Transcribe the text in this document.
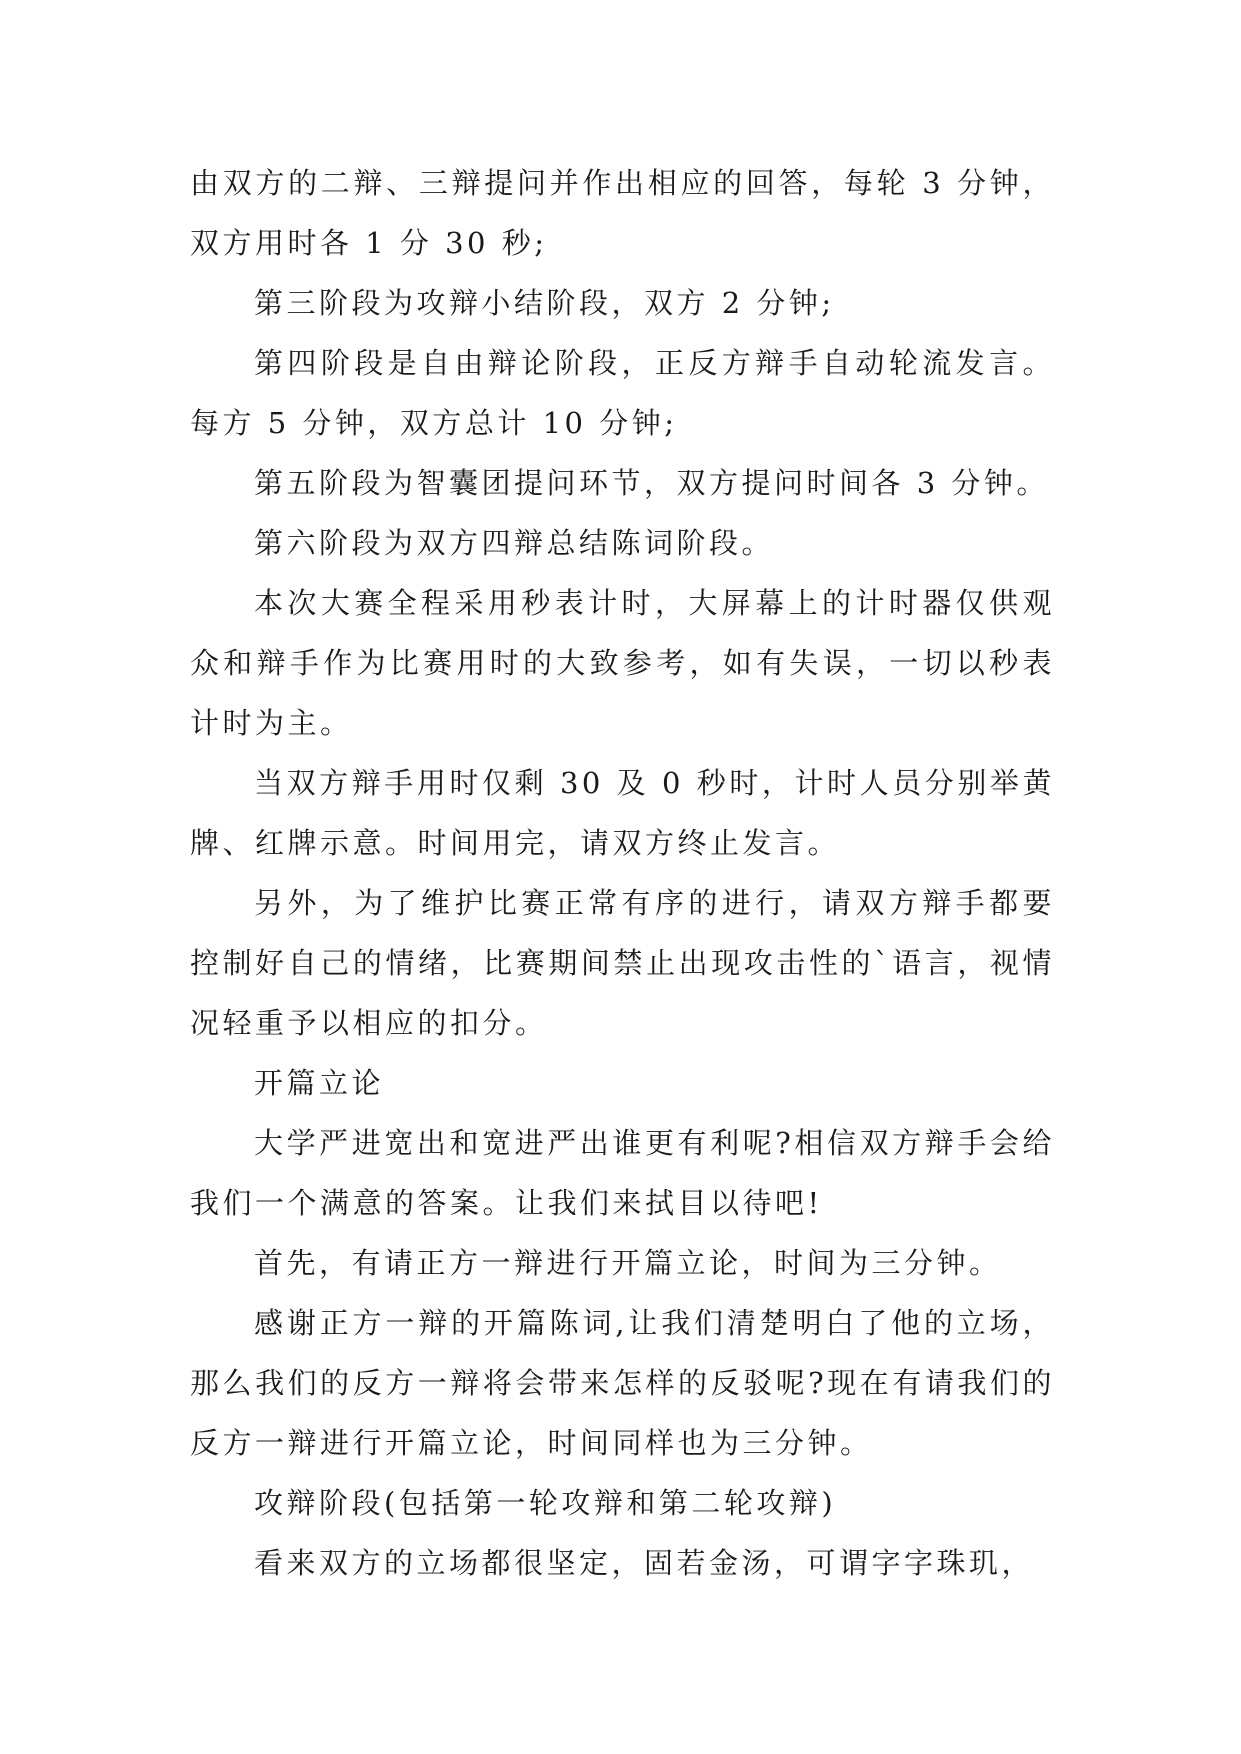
由双方的二辩、三辩提问并作出相应的回答，每轮 3 分钟，双方用时各 1 分 30 秒;

第三阶段为攻辩小结阶段，双方 2 分钟;

第四阶段是自由辩论阶段，正反方辩手自动轮流发言。每方 5 分钟，双方总计 10 分钟;

第五阶段为智囊团提问环节，双方提问时间各 3 分钟。

第六阶段为双方四辩总结陈词阶段。

本次大赛全程采用秒表计时，大屏幕上的计时器仅供观众和辩手作为比赛用时的大致参考，如有失误，一切以秒表计时为主。

当双方辩手用时仅剩 30 及 0 秒时，计时人员分别举黄牌、红牌示意。时间用完，请双方终止发言。

另外，为了维护比赛正常有序的进行，请双方辩手都要控制好自己的情绪，比赛期间禁止出现攻击性的`语言，视情况轻重予以相应的扣分。

开篇立论

大学严进宽出和宽进严出谁更有利呢?相信双方辩手会给我们一个满意的答案。让我们来拭目以待吧!

首先，有请正方一辩进行开篇立论，时间为三分钟。

感谢正方一辩的开篇陈词,让我们清楚明白了他的立场，那么我们的反方一辩将会带来怎样的反驳呢?现在有请我们的反方一辩进行开篇立论，时间同样也为三分钟。

攻辩阶段(包括第一轮攻辩和第二轮攻辩)

看来双方的立场都很坚定，固若金汤，可谓字字珠玑，
